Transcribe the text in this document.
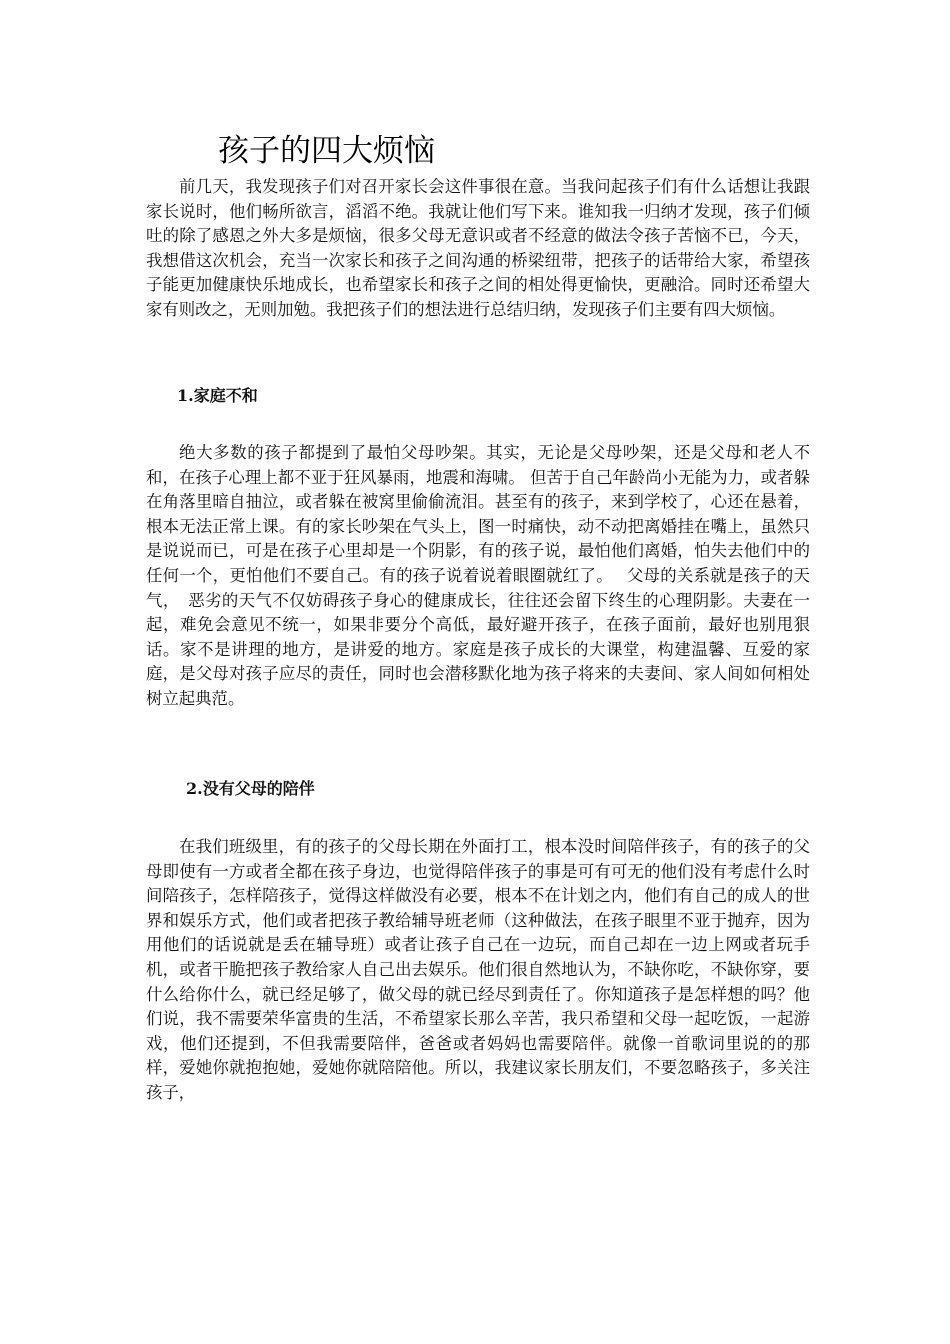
孩子的四大烦恼

前几天，我发现孩子们对召开家长会这件事很在意。当我问起孩子们有什么话想让我跟家长说时，他们畅所欲言，滔滔不绝。我就让他们写下来。谁知我一归纳才发现，孩子们倾吐的除了感恩之外大多是烦恼，很多父母无意识或者不经意的做法令孩子苦恼不已，今天，我想借这次机会，充当一次家长和孩子之间沟通的桥梁纽带，把孩子的话带给大家，希望孩子能更加健康快乐地成长，也希望家长和孩子之间的相处得更愉快，更融洽。同时还希望大家有则改之，无则加勉。我把孩子们的想法进行总结归纳，发现孩子们主要有四大烦恼。

1.家庭不和

绝大多数的孩子都提到了最怕父母吵架。其实，无论是父母吵架，还是父母和老人不和，在孩子心理上都不亚于狂风暴雨，地震和海啸。 但苦于自己年龄尚小无能为力，或者躲在角落里暗自抽泣，或者躲在被窝里偷偷流泪。甚至有的孩子，来到学校了，心还在悬着，根本无法正常上课。有的家长吵架在气头上，图一时痛快，动不动把离婚挂在嘴上，虽然只是说说而已，可是在孩子心里却是一个阴影，有的孩子说，最怕他们离婚，怕失去他们中的任何一个，更怕他们不要自己。有的孩子说着说着眼圈就红了。　 父母的关系就是孩子的天气，　恶劣的天气不仅妨碍孩子身心的健康成长，往往还会留下终生的心理阴影。夫妻在一起，难免会意见不统一，如果非要分个高低，最好避开孩子，在孩子面前，最好也别甩狠话。家不是讲理的地方，是讲爱的地方。家庭是孩子成长的大课堂，构建温馨、互爱的家庭，是父母对孩子应尽的责任，同时也会潜移默化地为孩子将来的夫妻间、家人间如何相处树立起典范。

2.没有父母的陪伴

在我们班级里，有的孩子的父母长期在外面打工，根本没时间陪伴孩子，有的孩子的父母即使有一方或者全都在孩子身边，也觉得陪伴孩子的事是可有可无的他们没有考虑什么时间陪孩子，怎样陪孩子，觉得这样做没有必要，根本不在计划之内，他们有自己的成人的世界和娱乐方式，他们或者把孩子教给辅导班老师（这种做法，在孩子眼里不亚于抛弃，因为用他们的话说就是丢在辅导班）或者让孩子自己在一边玩，而自己却在一边上网或者玩手机，或者干脆把孩子教给家人自己出去娱乐。他们很自然地认为，不缺你吃，不缺你穿，要什么给你什么，就已经足够了，做父母的就已经尽到责任了。你知道孩子是怎样想的吗？他们说，我不需要荣华富贵的生活，不希望家长那么辛苦，我只希望和父母一起吃饭，一起游戏，他们还提到，不但我需要陪伴，爸爸或者妈妈也需要陪伴。就像一首歌词里说的的那样，爱她你就抱抱她，爱她你就陪陪他。所以，我建议家长朋友们，不要忽略孩子，多关注孩子，
